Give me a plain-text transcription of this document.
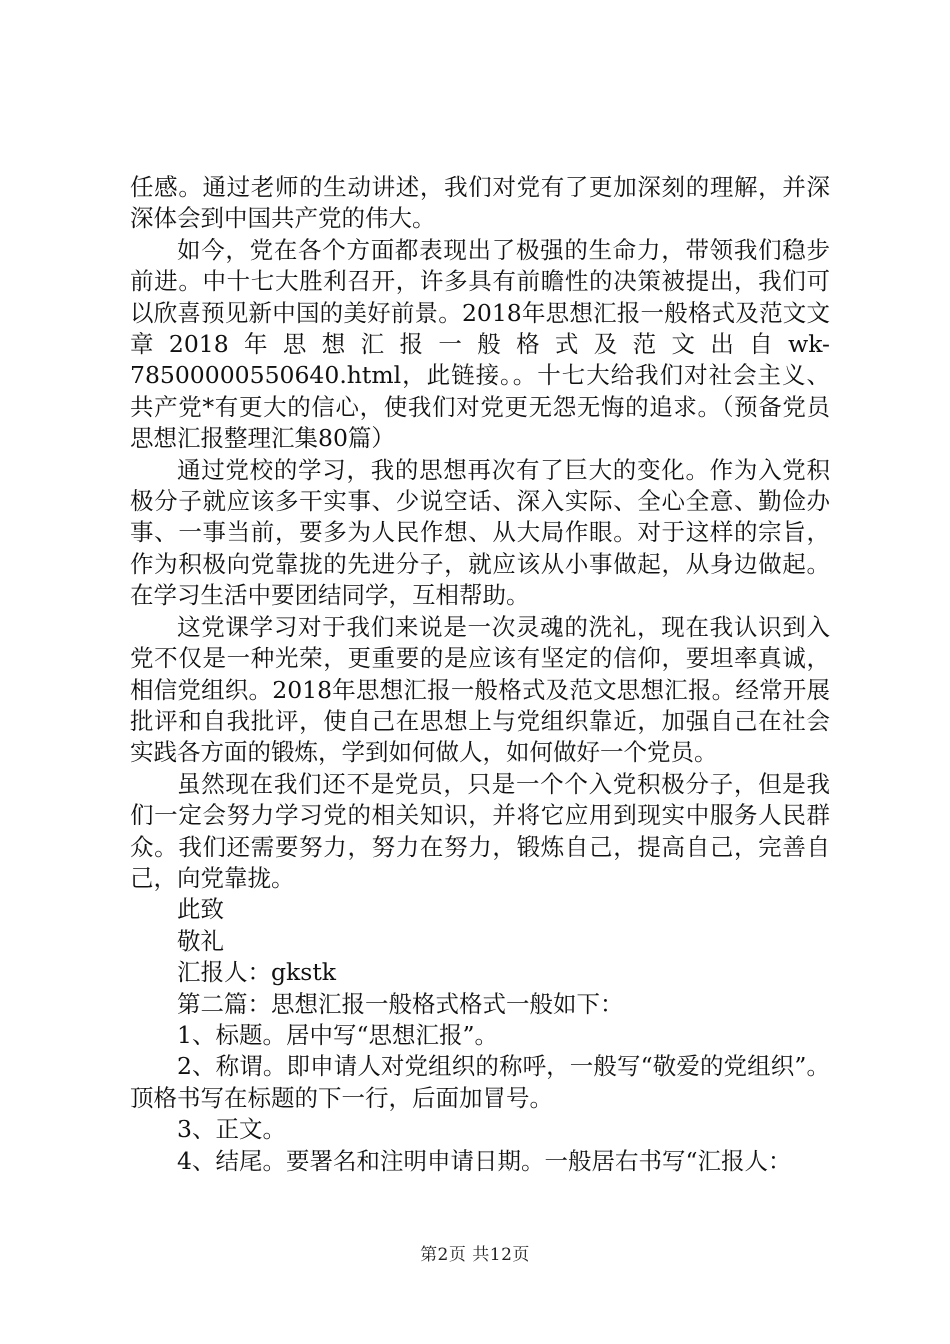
任感。通过老师的生动讲述，我们对党有了更加深刻的理解，并深深体会到中国共产党的伟大。

如今，党在各个方面都表现出了极强的生命力，带领我们稳步前进。中十七大胜利召开，许多具有前瞻性的决策被提出，我们可以欣喜预见新中国的美好前景。2018年思想汇报一般格式及范文文章2018年思想汇报一般格式及范文出自wk-78500000550640.html，此链接。。十七大给我们对社会主义、共产党*有更大的信心，使我们对党更无怨无悔的追求。（预备党员思想汇报整理汇集80篇）

通过党校的学习，我的思想再次有了巨大的变化。作为入党积极分子就应该多干实事、少说空话、深入实际、全心全意、勤俭办事、一事当前，要多为人民作想、从大局作眼。对于这样的宗旨，作为积极向党靠拢的先进分子，就应该从小事做起，从身边做起。在学习生活中要团结同学，互相帮助。

这党课学习对于我们来说是一次灵魂的洗礼，现在我认识到入党不仅是一种光荣，更重要的是应该有坚定的信仰，要坦率真诚，相信党组织。2018年思想汇报一般格式及范文思想汇报。经常开展批评和自我批评，使自己在思想上与党组织靠近，加强自己在社会实践各方面的锻炼，学到如何做人，如何做好一个党员。

虽然现在我们还不是党员，只是一个个入党积极分子，但是我们一定会努力学习党的相关知识，并将它应用到现实中服务人民群众。我们还需要努力，努力在努力，锻炼自己，提高自己，完善自己，向党靠拢。

此致

敬礼

汇报人：gkstk

第二篇：思想汇报一般格式格式一般如下：

1、标题。居中写“思想汇报”。

2、称谓。即申请人对党组织的称呼，一般写“敬爱的党组织”。顶格书写在标题的下一行，后面加冒号。

3、正文。

4、结尾。要署名和注明申请日期。一般居右书写“汇报人：

第2页 共12页
